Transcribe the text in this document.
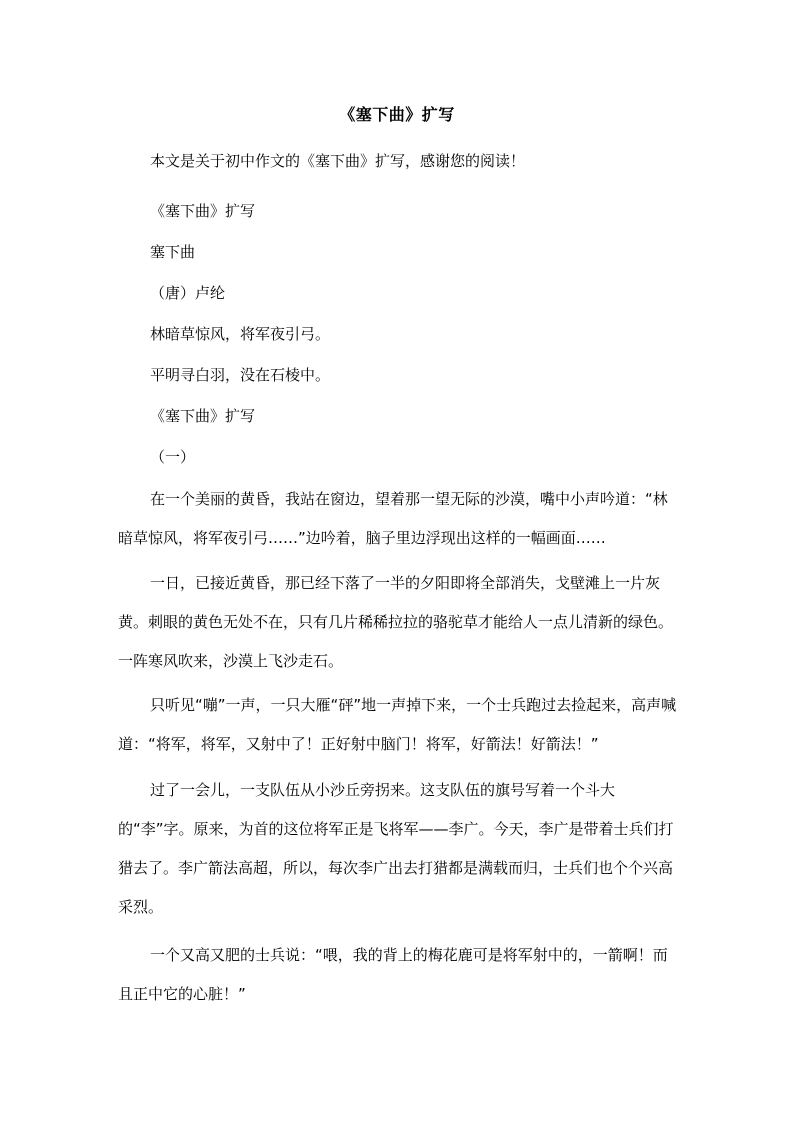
《塞下曲》扩写
本文是关于初中作文的《塞下曲》扩写，感谢您的阅读！
《塞下曲》扩写
塞下曲
（唐）卢纶
林暗草惊风，将军夜引弓。
平明寻白羽，没在石棱中。
《塞下曲》扩写
（一）
在一个美丽的黄昏，我站在窗边，望着那一望无际的沙漠，嘴中小声吟道：“林暗草惊风，将军夜引弓……”边吟着，脑子里边浮现出这样的一幅画面……
一日，已接近黄昏，那已经下落了一半的夕阳即将全部消失，戈壁滩上一片灰黄。刺眼的黄色无处不在，只有几片稀稀拉拉的骆驼草才能给人一点儿清新的绿色。一阵寒风吹来，沙漠上飞沙走石。
只听见“嘣”一声，一只大雁“砰”地一声掉下来，一个士兵跑过去捡起来，高声喊道：“将军，将军，又射中了！正好射中脑门！将军，好箭法！好箭法！”
过了一会儿，一支队伍从小沙丘旁拐来。这支队伍的旗号写着一个斗大的“李”字。原来，为首的这位将军正是飞将军——李广。今天，李广是带着士兵们打猎去了。李广箭法高超，所以，每次李广出去打猎都是满载而归，士兵们也个个兴高采烈。
一个又高又肥的士兵说：“喂，我的背上的梅花鹿可是将军射中的，一箭啊！而且正中它的心脏！”
